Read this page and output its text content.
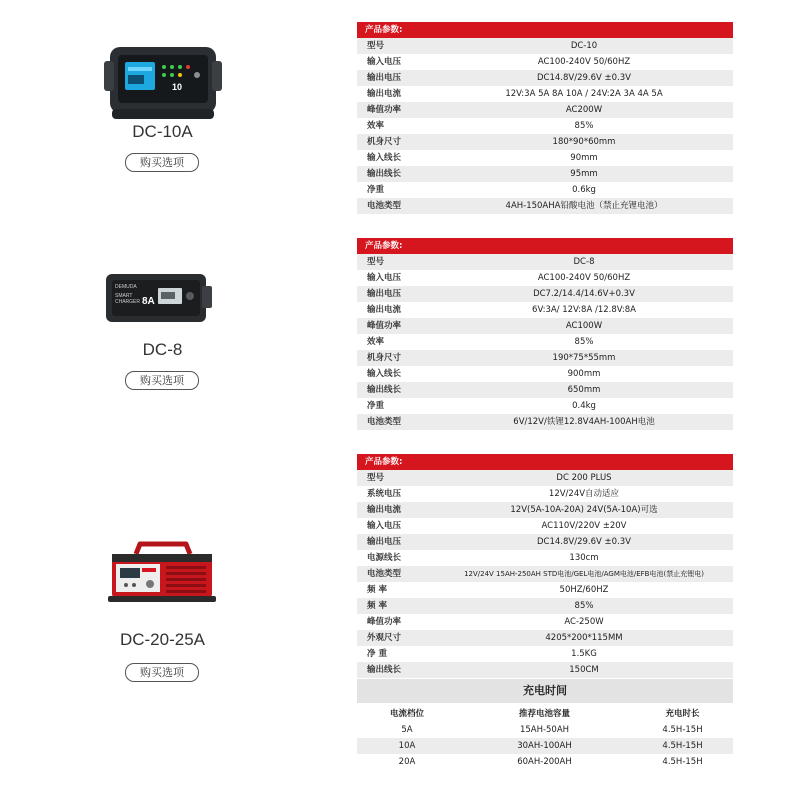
10
DC-10A
购买选项
产品参数:
型号	DC-10
输入电压	AC100-240V 50/60HZ
输出电压	DC14.8V/29.6V ±0.3V
输出电流	12V:3A 5A 8A 10A / 24V:2A 3A 4A 5A
峰值功率	AC200W
效率	85%
机身尺寸	180*90*60mm
输入线长	90mm
输出线长	95mm
净重	0.6kg
电池类型	4AH-150AHA铅酸电池（禁止充锂电池）
DEMUDA
SMART
CHARGER 8A
DC-8
购买选项
产品参数:
型号	DC-8
输入电压	AC100-240V 50/60HZ
输出电压	DC7.2/14.4/14.6V+0.3V
输出电流	6V:3A/ 12V:8A /12.8V:8A
峰值功率	AC100W
效率	85%
机身尺寸	190*75*55mm
输入线长	900mm
输出线长	650mm
净重	0.4kg
电池类型	6V/12V/铁锂12.8V4AH-100AH电池
DC-20-25A
购买选项
产品参数:
型号	DC 200 PLUS
系统电压	12V/24V自动适应
输出电流	12V(5A-10A-20A) 24V(5A-10A)可选
输入电压	AC110V/220V ±20V
输出电压	DC14.8V/29.6V ±0.3V
电源线长	130cm
电池类型	12V/24V 15AH-250AH STD电池/GEL电池/AGM电池/EFB电池(禁止充锂电)
频 率	50HZ/60HZ
频 率	85%
峰值功率	AC-250W
外观尺寸	4205*200*115MM
净 重	1.5KG
输出线长	150CM
充电时间
电流档位	推荐电池容量	充电时长
5A	15AH-50AH	4.5H-15H
10A	30AH-100AH	4.5H-15H
20A	60AH-200AH	4.5H-15H
